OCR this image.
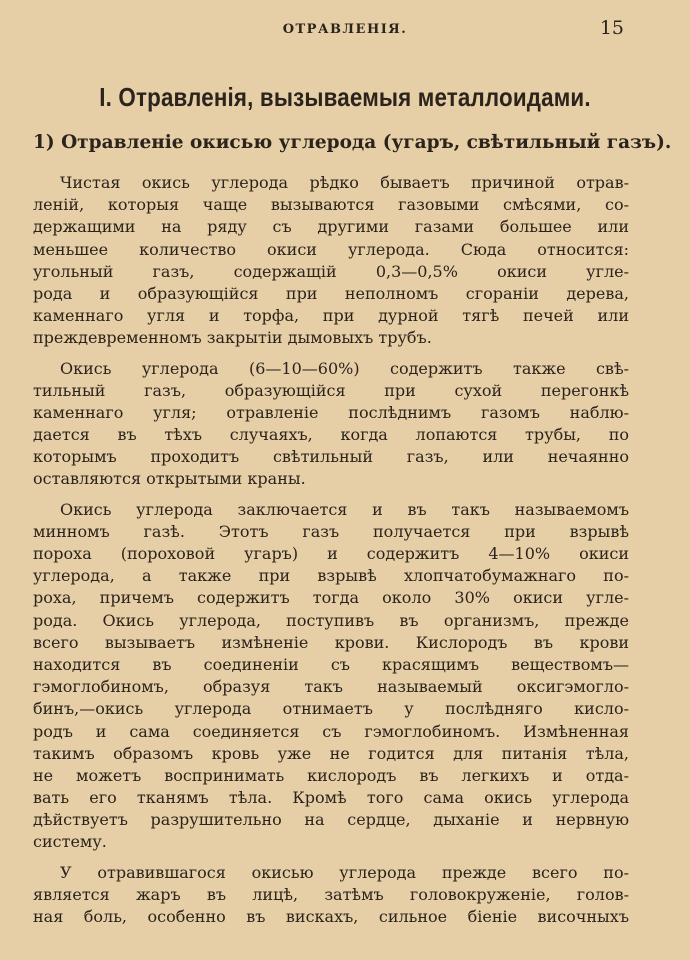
ОТРАВЛЕНІЯ.	15
I. Отравленія, вызываемыя металлоидами.
1) Отравленіе окисью углерода (угаръ, свѣтильный газъ).
Чистая окись углерода рѣдко бываетъ причиной отрав-
леній, которыя чаще вызываются газовыми смѣсями, со-
держащими на ряду съ другими газами большее или
меньшее количество окиси углерода. Сюда относится:
угольный газъ, содержащій 0,3—0,5% окиси угле-
рода и образующійся при неполномъ сгораніи дерева,
каменнаго угля и торфа, при дурной тягѣ печей или
преждевременномъ закрытіи дымовыхъ трубъ.
Окись углерода (6—10—60%) содержитъ также свѣ-
тильный газъ, образующійся при сухой перегонкѣ
каменнаго угля; отравленіе послѣднимъ газомъ наблю-
дается въ тѣхъ случаяхъ, когда лопаются трубы, по
которымъ проходитъ свѣтильный газъ, или нечаянно
оставляются открытыми краны.
Окись углерода заключается и въ такъ называемомъ
минномъ газѣ. Этотъ газъ получается при взрывѣ
пороха (пороховой угаръ) и содержитъ 4—10% окиси
углерода, а также при взрывѣ хлопчатобумажнаго по-
роха, причемъ содержитъ тогда около 30% окиси угле-
рода. Окись углерода, поступивъ въ организмъ, прежде
всего вызываетъ измѣненіе крови. Кислородъ въ крови
находится въ соединеніи съ красящимъ веществомъ—
гэмоглобиномъ, образуя такъ называемый оксигэмогло-
бинъ,—окись углерода отнимаетъ у послѣдняго кисло-
родъ и сама соединяется съ гэмоглобиномъ. Измѣненная
такимъ образомъ кровь уже не годится для питанія тѣла,
не можетъ воспринимать кислородъ въ легкихъ и отда-
вать его тканямъ тѣла. Кромѣ того сама окись углерода
дѣйствуетъ разрушительно на сердце, дыханіе и нервную
систему.
У отравившагося окисью углерода прежде всего по-
является жаръ въ лицѣ, затѣмъ головокруженіе, голов-
ная боль, особенно въ вискахъ, сильное біеніе височныхъ
